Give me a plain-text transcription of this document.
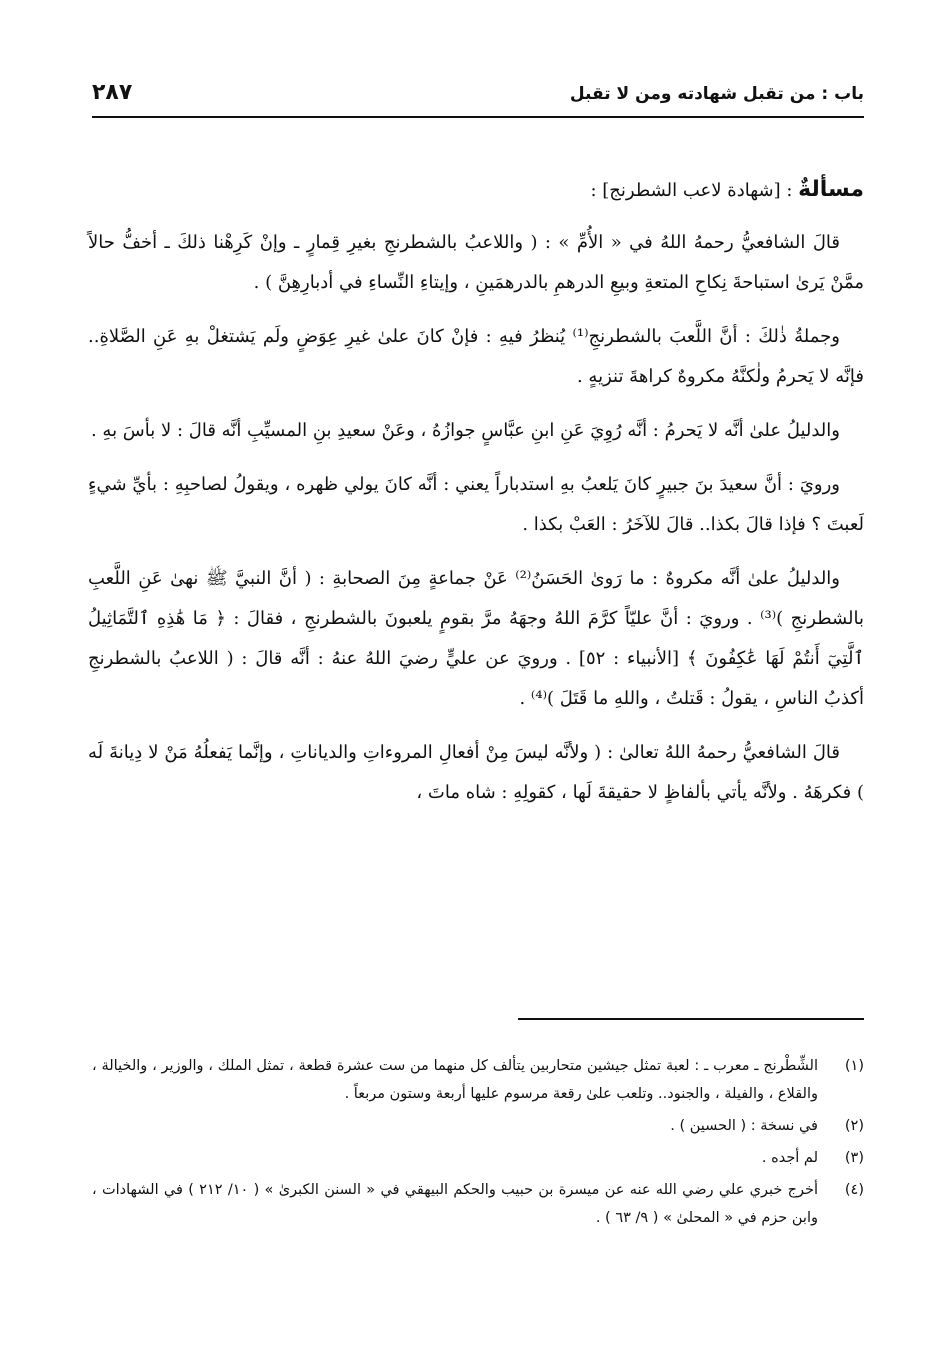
باب : من تقبل شهادته ومن لا تقبل
٢٨٧
مسألةٌ : [شهادة لاعب الشطرنج] :

قالَ الشافعيُّ رحمهُ اللهُ في « الأُمِّ » : ( واللاعبُ بالشطرنجِ بغيرِ قِمارٍ ـ وإنْ كَرِهْنا ذلكَ ـ أخفُّ حالاً ممَّنْ يَرىٰ استباحةَ نِكاحِ المتعةِ وبيعِ الدرهمِ بالدرهمَينِ ، وإيتاءِ النِّساءِ في أدبارِهِنَّ ) .

وجملةُ ذٰلكَ : أنَّ اللَّعبَ بالشطرنجِ⁽¹⁾ يُنظرُ فيهِ : فإنْ كانَ علىٰ غيرِ عِوَضٍ ولَم يَشتغلْ بهِ عَنِ الصَّلاةِ.. فإنَّه لا يَحرمُ ولٰكنَّهُ مكروهٌ كراهةَ تنزيهٍ .

والدليلُ علىٰ أنَّه لا يَحرمُ : أنَّه رُوِيَ عَنِ ابنِ عبَّاسٍ جوازُهُ ، وعَنْ سعيدِ بنِ المسيِّبِ أنَّه قالَ : لا بأسَ بهِ .

ورويَ : أنَّ سعيدَ بنَ جبيرٍ كانَ يَلعبُ بهِ استدباراً يعني : أنَّه كانَ يولي ظهره ، ويقولُ لصاحبِهِ : بأيِّ شيءٍ لَعبتَ ؟ فإذا قالَ بكذا.. قالَ للآخَرُ : العَبْ بكذا .

والدليلُ علىٰ أنَّه مكروهٌ : ما رَوىٰ الحَسَنُ⁽²⁾ عَنْ جماعةٍ مِنَ الصحابةِ : ( أنَّ النبيَّ ﷺ نهىٰ عَنِ اللَّعبِ بالشطرنجِ )⁽³⁾ . ورويَ : أنَّ عليّاً كرَّمَ اللهُ وجهَهُ مرَّ بقومٍ يلعبونَ بالشطرنجِ ، فقالَ : ﴿ مَا هَٰذِهِ ٱلتَّمَاثِيلُ ٱلَّتِيٓ أَنتُمْ لَهَا عَٰكِفُونَ ﴾ [الأنبياء : ٥٢] . ورويَ عن عليٍّ رضيَ اللهُ عنهُ : أنَّه قالَ : ( اللاعبُ بالشطرنجِ أكذبُ الناسِ ، يقولُ : قَتلتُ ، واللهِ ما قَتَلَ )⁽⁴⁾ .

قالَ الشافعيُّ رحمهُ اللهُ تعالىٰ : ( ولأنَّه ليسَ مِنْ أفعالِ المروءاتِ والدياناتِ ، وإنَّما يَفعلُهُ مَنْ لا دِيانةَ لَه ) فكرهَهُ . ولأنَّه يأتي بألفاظٍ لا حقيقةَ لَها ، كقولِهِ : شاه ماتَ ،

(١)
الشِّطْرنج ـ معرب ـ : لعبة تمثل جيشين متحاربين يتألف كل منهما من ست عشرة قطعة ، تمثل الملك ، والوزير ، والخيالة ، والقلاع ، والفيلة ، والجنود.. وتلعب علىٰ رقعة مرسوم عليها أربعة وستون مربعاً .
(٢)
في نسخة : ( الحسين ) .
(٣)
لم أجده .
(٤)
أخرج خبري علي رضي الله عنه عن ميسرة بن حبيب والحكم البيهقي في « السنن الكبرىٰ » ( ١٠/ ٢١٢ ) في الشهادات ، وابن حزم في « المحلىٰ » ( ٩/ ٦٣ ) .
